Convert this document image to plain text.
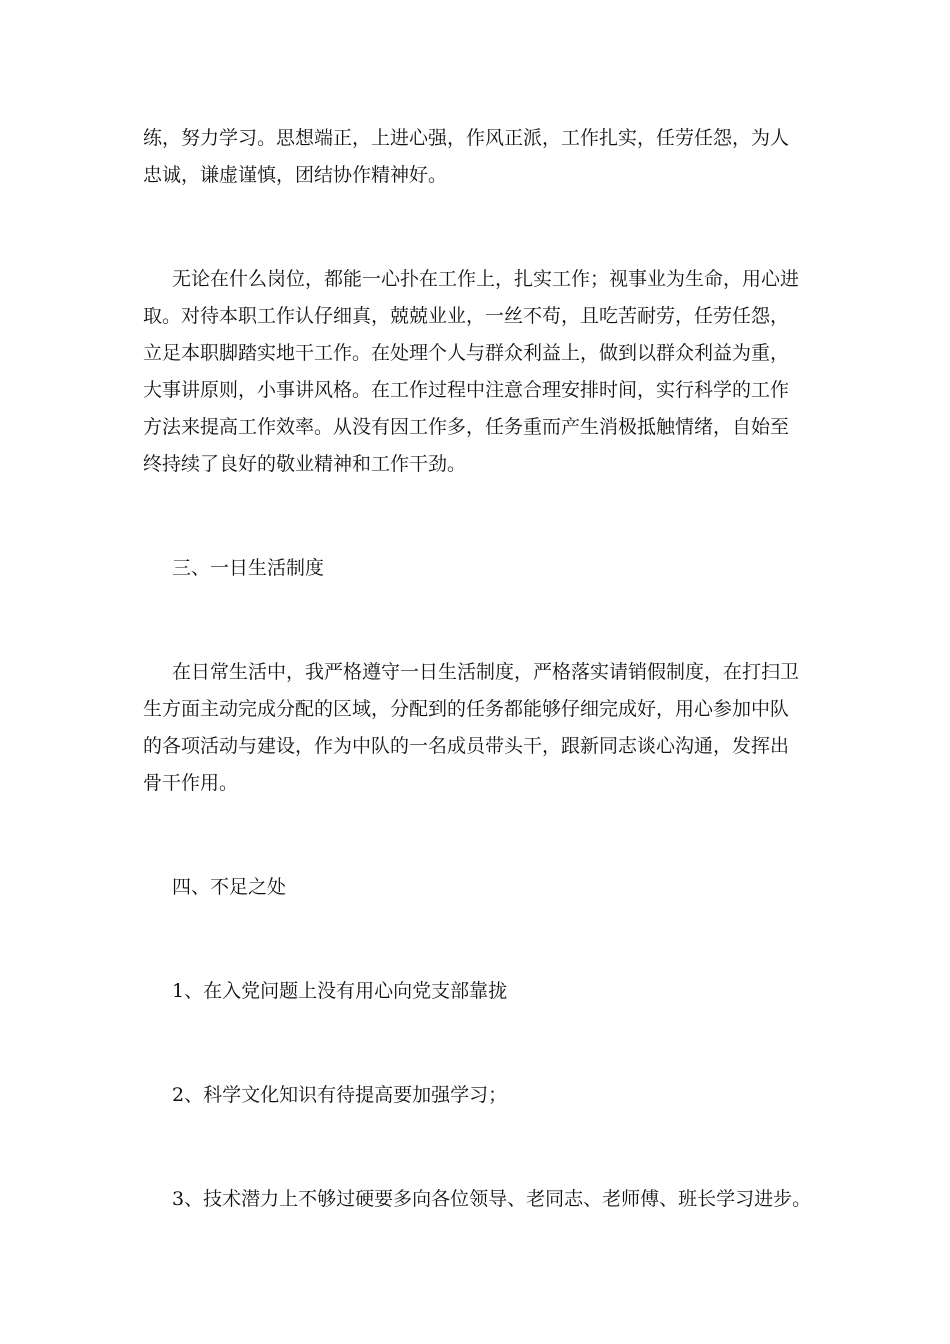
练，努力学习。思想端正，上进心强，作风正派，工作扎实，任劳任怨，为人
忠诚，谦虚谨慎，团结协作精神好。
无论在什么岗位，都能一心扑在工作上，扎实工作；视事业为生命，用心进
取。对待本职工作认仔细真，兢兢业业，一丝不苟，且吃苦耐劳，任劳任怨，
立足本职脚踏实地干工作。在处理个人与群众利益上，做到以群众利益为重，
大事讲原则，小事讲风格。在工作过程中注意合理安排时间，实行科学的工作
方法来提高工作效率。从没有因工作多，任务重而产生消极抵触情绪，自始至
终持续了良好的敬业精神和工作干劲。
三、一日生活制度
在日常生活中，我严格遵守一日生活制度，严格落实请销假制度，在打扫卫
生方面主动完成分配的区域，分配到的任务都能够仔细完成好，用心参加中队
的各项活动与建设，作为中队的一名成员带头干，跟新同志谈心沟通，发挥出
骨干作用。
四、不足之处
1、在入党问题上没有用心向党支部靠拢
2、科学文化知识有待提高要加强学习；
3、技术潜力上不够过硬要多向各位领导、老同志、老师傅、班长学习进步。
